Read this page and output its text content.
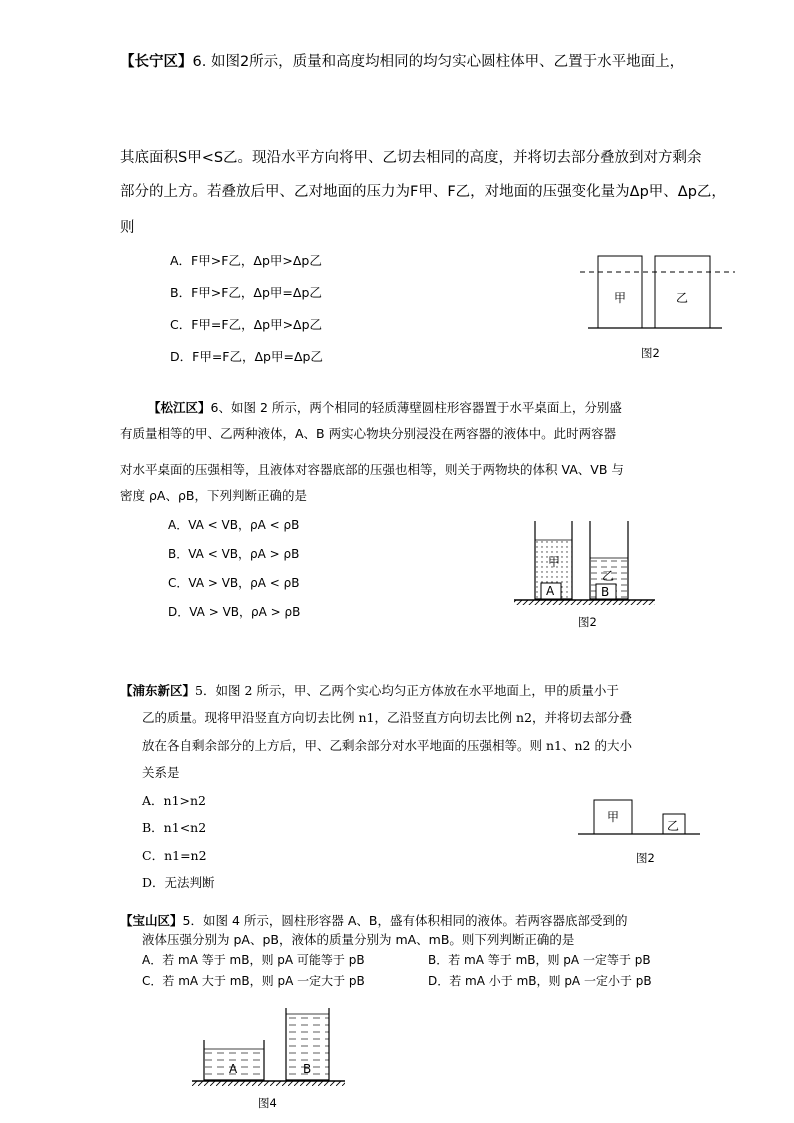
【长宁区】6. 如图2所示，质量和高度均相同的均匀实心圆柱体甲、乙置于水平地面上，
其底面积S甲<S乙。现沿水平方向将甲、乙切去相同的高度，并将切去部分叠放到对方剩余
部分的上方。若叠放后甲、乙对地面的压力为F甲、F乙，对地面的压强变化量为Δp甲、Δp乙，
则
A．F甲>F乙，Δp甲>Δp乙
B．F甲>F乙，Δp甲=Δp乙
C．F甲=F乙，Δp甲>Δp乙
D．F甲=F乙，Δp甲=Δp乙
甲	乙
图2
【松江区】6、如图 2 所示，两个相同的轻质薄壁圆柱形容器置于水平桌面上，分别盛
有质量相等的甲、乙两种液体，A、B 两实心物块分别浸没在两容器的液体中。此时两容器
对水平桌面的压强相等，且液体对容器底部的压强也相等，则关于两物块的体积 VA、VB 与
密度 ρA、ρB，下列判断正确的是
A．VA < VB，ρA < ρB
B．VA < VB，ρA > ρB
C．VA > VB，ρA < ρB
D．VA > VB，ρA > ρB
甲
乙
A	B
图2
【浦东新区】5．如图 2 所示，甲、乙两个实心均匀正方体放在水平地面上，甲的质量小于
乙的质量。现将甲沿竖直方向切去比例 n1，乙沿竖直方向切去比例 n2，并将切去部分叠
放在各自剩余部分的上方后，甲、乙剩余部分对水平地面的压强相等。则 n1、n2 的大小
关系是
A．n1>n2
B．n1<n2
C．n1=n2
D．无法判断
甲
乙
图2
【宝山区】5．如图 4 所示，圆柱形容器 A、B，盛有体积相同的液体。若两容器底部受到的
液体压强分别为 pA、pB，液体的质量分别为 mA、mB。则下列判断正确的是
A．若 mA 等于 mB，则 pA 可能等于 pB	B．若 mA 等于 mB，则 pA 一定等于 pB
C．若 mA 大于 mB，则 pA 一定大于 pB	D．若 mA 小于 mB，则 pA 一定小于 pB
A	B
图4
